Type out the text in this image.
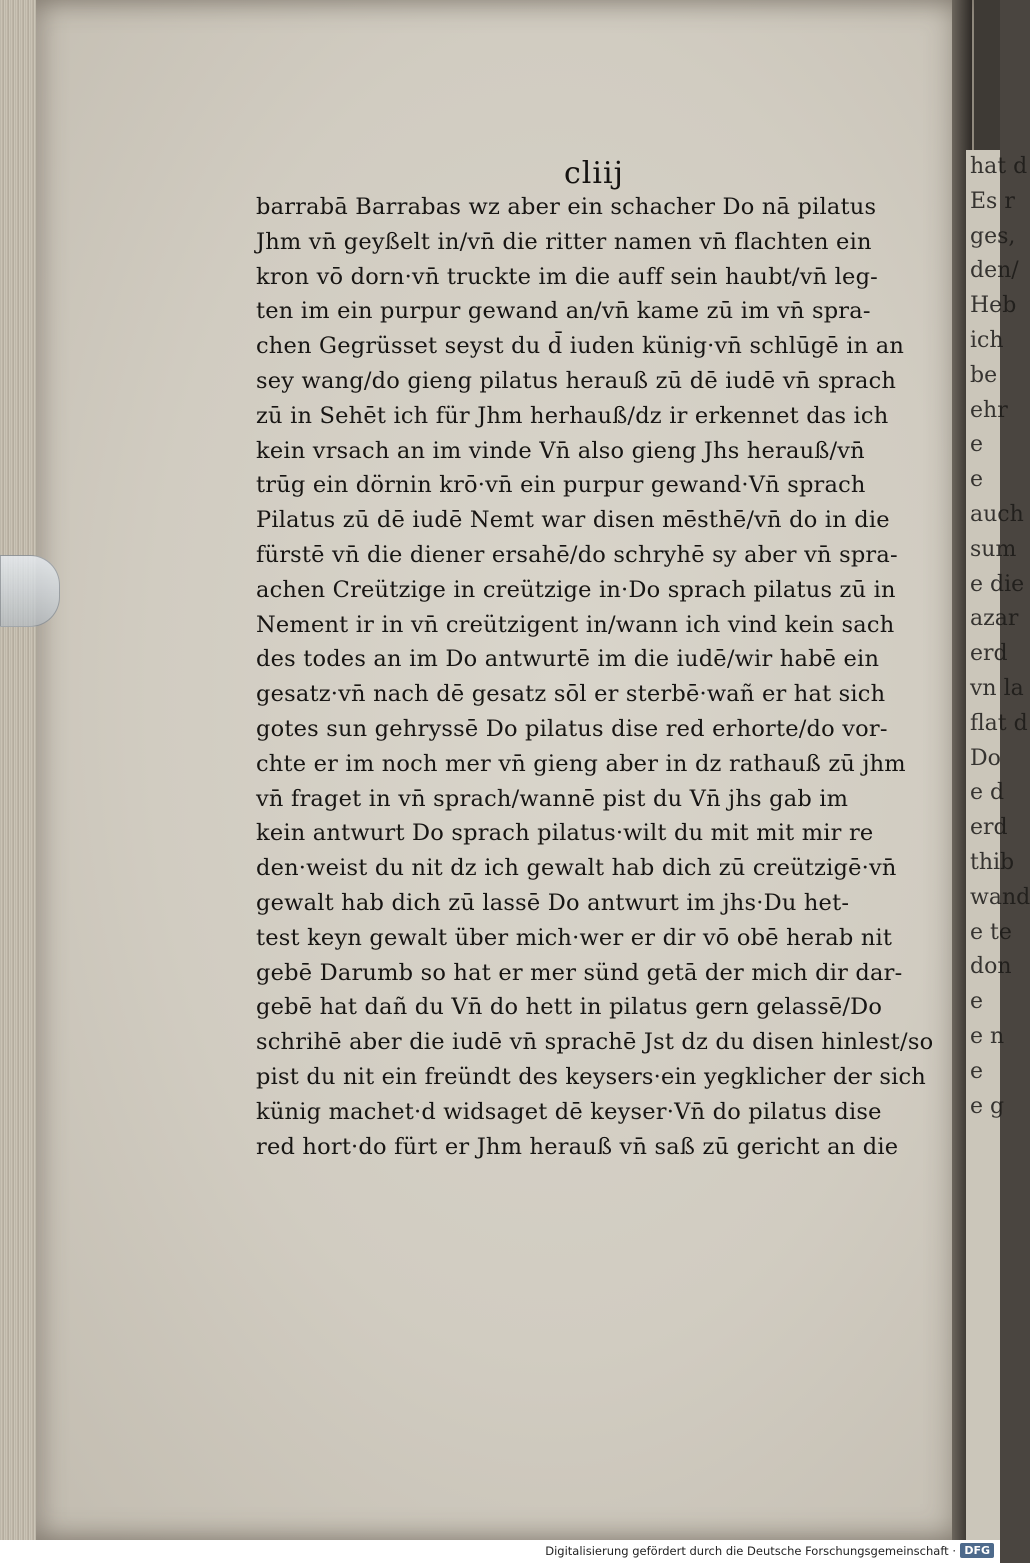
hat d
Es r
ges,
den/
Heb
ich
be
ehr
e
e
auch
sum
e die
azar
erd
vn la
flat d
Do
e d
erd
thib
wand
e te
don
e
e n
e
e g
cliij
barrabā Barrabas wz aber ein schacher Do nā pilatus
Jhm vn̄ geyßelt in/vn̄ die ritter namen vn̄ flachten ein
kron vō dorn·vn̄ truckte im die auff sein haubt/vn̄ leg-
ten im ein purpur gewand an/vn̄ kame zū im vn̄ spra-
chen Gegrüsset seyst du d̄ iuden künig·vn̄ schlūgē in an
sey wang/do gieng pilatus herauß zū dē iudē vn̄ sprach
zū in Sehēt ich für Jhm herhauß/dz ir erkennet das ich
kein vrsach an im vinde Vn̄ also gieng Jhs herauß/vn̄
trūg ein dörnin krō·vn̄ ein purpur gewand·Vn̄ sprach
Pilatus zū dē iudē Nemt war disen mēsthē/vn̄ do in die
fürstē vn̄ die diener ersahē/do schryhē sy aber vn̄ spra-
achen Creützige in creützige in·Do sprach pilatus zū in
Nement ir in vn̄ creützigent in/wann ich vind kein sach
des todes an im Do antwurtē im die iudē/wir habē ein
gesatz·vn̄ nach dē gesatz sōl er sterbē·wañ er hat sich
gotes sun gehryssē Do pilatus dise red erhorte/do vor-
chte er im noch mer vn̄ gieng aber in dz rathauß zū jhm
vn̄ fraget in vn̄ sprach/wannē pist du Vn̄ jhs gab im
kein antwurt Do sprach pilatus·wilt du mit mit mir re
den·weist du nit dz ich gewalt hab dich zū creützigē·vn̄
gewalt hab dich zū lassē Do antwurt im jhs·Du het-
test keyn gewalt über mich·wer er dir vō obē herab nit
gebē Darumb so hat er mer sünd getā der mich dir dar-
gebē hat dañ du Vn̄ do hett in pilatus gern gelassē/Do
schrihē aber die iudē vn̄ sprachē Jst dz du disen hinlest/so
pist du nit ein freündt des keysers·ein yegklicher der sich
künig machet·d widsaget dē keyser·Vn̄ do pilatus dise
red hort·do fürt er Jhm herauß vn̄ saß zū gericht an die
Digitalisierung gefördert durch die Deutsche Forschungsgemeinschaft · DFG
